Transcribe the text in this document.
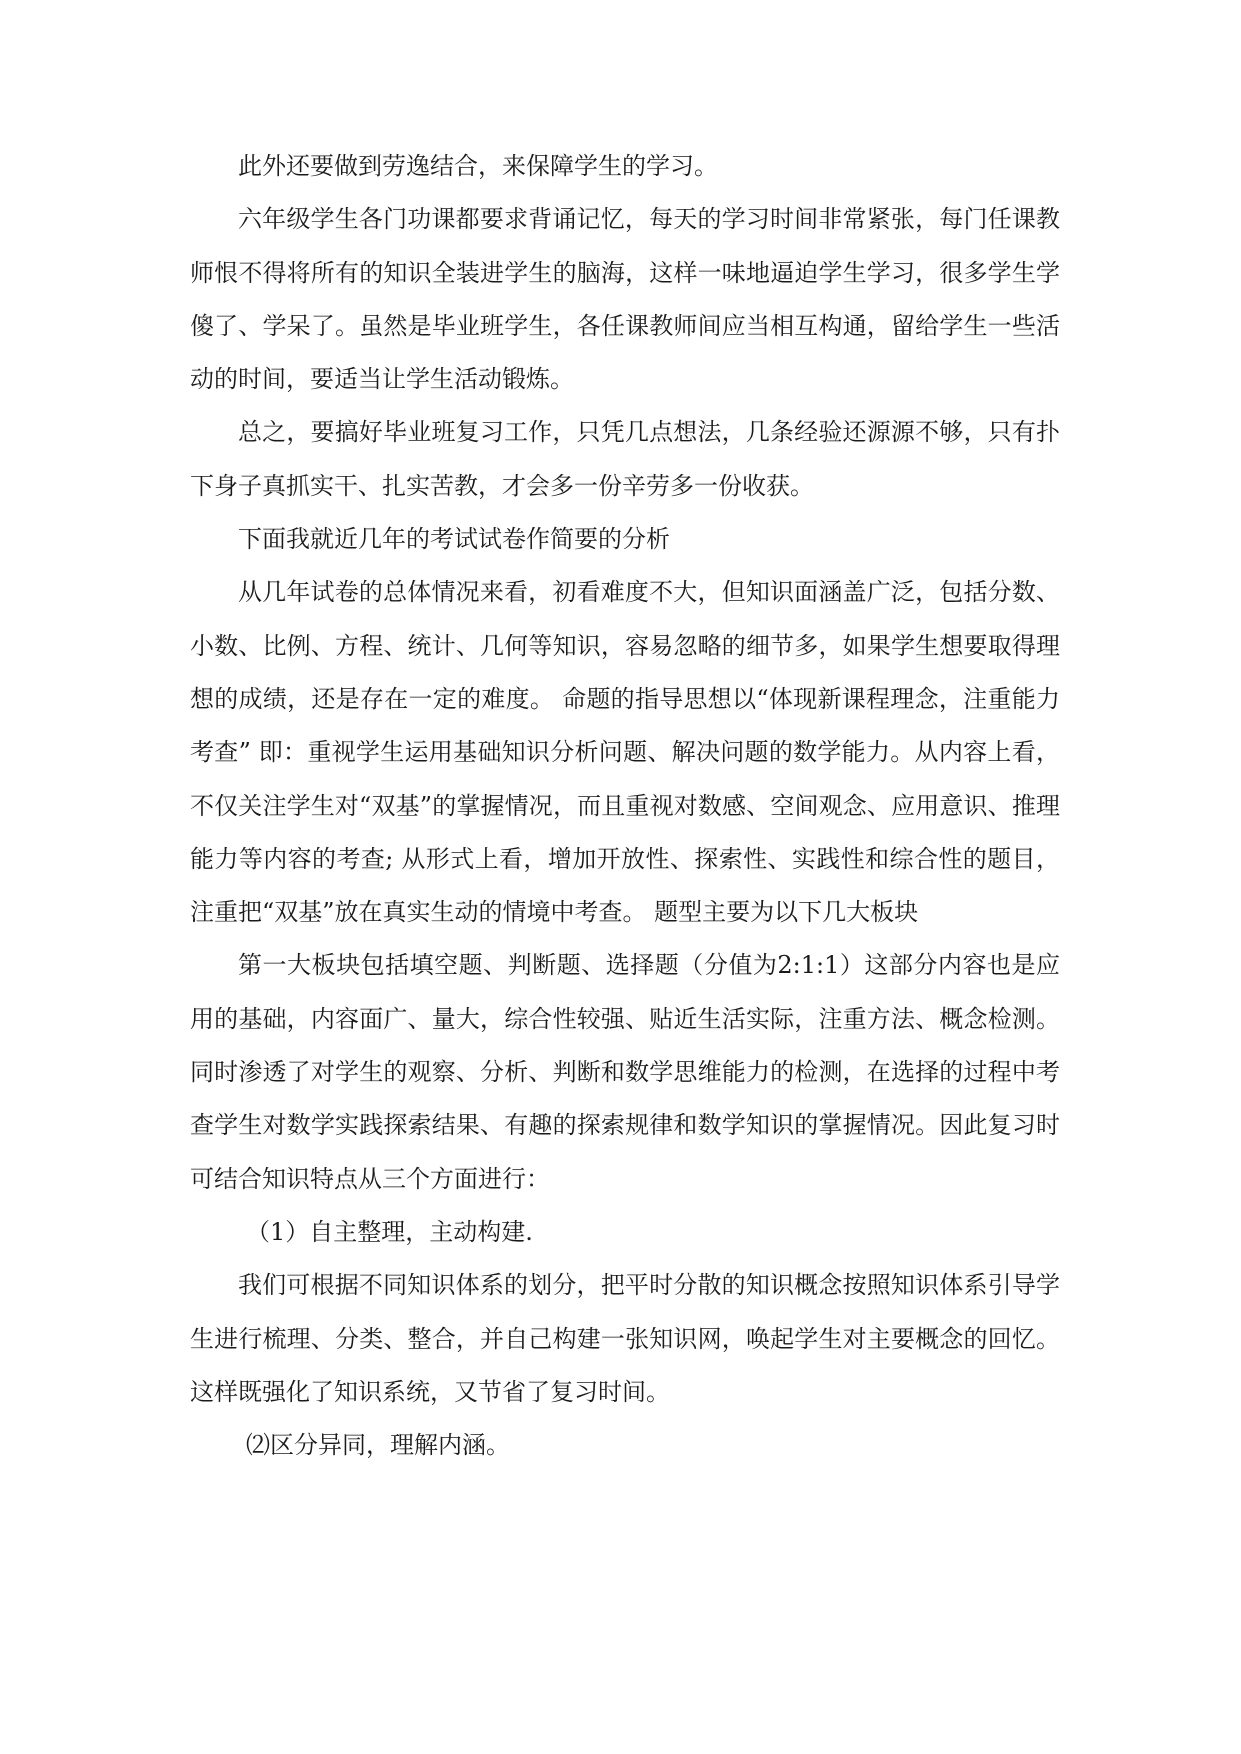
此外还要做到劳逸结合，来保障学生的学习。

六年级学生各门功课都要求背诵记忆，每天的学习时间非常紧张，每门任课教师恨不得将所有的知识全装进学生的脑海，这样一味地逼迫学生学习，很多学生学傻了、学呆了。虽然是毕业班学生，各任课教师间应当相互构通，留给学生一些活动的时间，要适当让学生活动锻炼。

总之，要搞好毕业班复习工作，只凭几点想法，几条经验还源源不够，只有扑下身子真抓实干、扎实苦教，才会多一份辛劳多一份收获。

下面我就近几年的考试试卷作简要的分析

从几年试卷的总体情况来看，初看难度不大，但知识面涵盖广泛，包括分数、小数、比例、方程、统计、几何等知识，容易忽略的细节多，如果学生想要取得理想的成绩，还是存在一定的难度。 命题的指导思想以“体现新课程理念，注重能力考查” 即：重视学生运用基础知识分析问题、解决问题的数学能力。从内容上看，不仅关注学生对“双基”的掌握情况，而且重视对数感、空间观念、应用意识、推理能力等内容的考查; 从形式上看，增加开放性、探索性、实践性和综合性的题目，注重把“双基”放在真实生动的情境中考查。 题型主要为以下几大板块

第一大板块包括填空题、判断题、选择题（分值为2:1:1）这部分内容也是应用的基础，内容面广、量大，综合性较强、贴近生活实际，注重方法、概念检测。同时渗透了对学生的观察、分析、判断和数学思维能力的检测，在选择的过程中考查学生对数学实践探索结果、有趣的探索规律和数学知识的掌握情况。因此复习时可结合知识特点从三个方面进行：

（1）自主整理，主动构建.

我们可根据不同知识体系的划分，把平时分散的知识概念按照知识体系引导学生进行梳理、分类、整合，并自己构建一张知识网，唤起学生对主要概念的回忆。这样既强化了知识系统，又节省了复习时间。

⑵区分异同，理解内涵。
